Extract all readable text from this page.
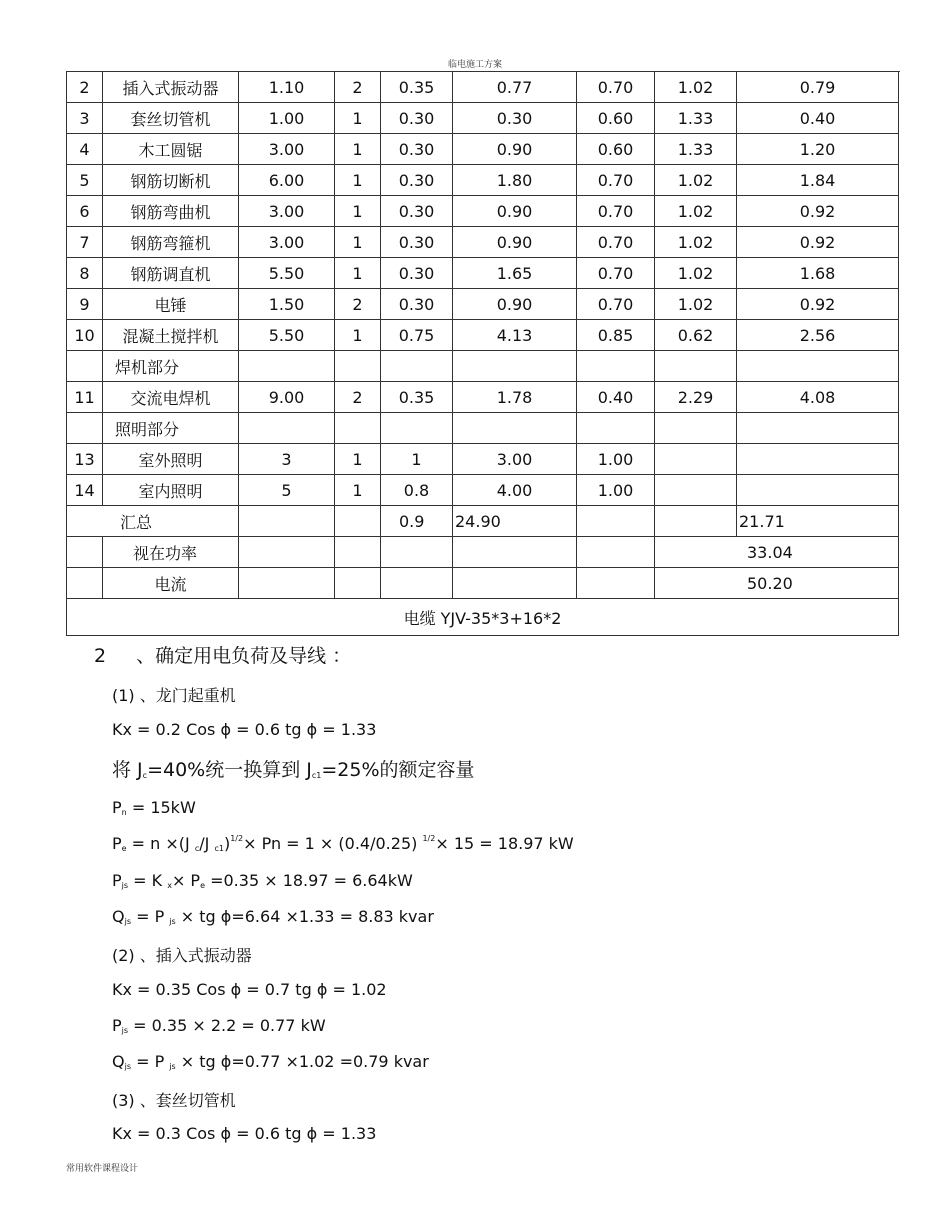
临电施工方案
2	插入式振动器	1.10	2	0.35	0.77	0.70	1.02	0.79
3	套丝切管机	1.00	1	0.30	0.30	0.60	1.33	0.40
4	木工圆锯	3.00	1	0.30	0.90	0.60	1.33	1.20
5	钢筋切断机	6.00	1	0.30	1.80	0.70	1.02	1.84
6	钢筋弯曲机	3.00	1	0.30	0.90	0.70	1.02	0.92
7	钢筋弯箍机	3.00	1	0.30	0.90	0.70	1.02	0.92
8	钢筋调直机	5.50	1	0.30	1.65	0.70	1.02	1.68
9	电锤	1.50	2	0.30	0.90	0.70	1.02	0.92
10	混凝土搅拌机	5.50	1	0.75	4.13	0.85	0.62	2.56
	焊机部分							
11	交流电焊机	9.00	2	0.35	1.78	0.40	2.29	4.08
	照明部分							
13	室外照明	3	1	1	3.00	1.00		
14	室内照明	5	1	0.8	4.00	1.00		
汇总				0.9	24.90			21.71
	视在功率						33.04	
	电流						50.20	
电缆 YJV-35*3+16*2								
2 、确定用电负荷及导线 ：
(1) 、龙门起重机
Kx = 0.2 Cos ϕ = 0.6 tg ϕ = 1.33
将 $J_c=40\%$统一换算到 $J_{c1}=25\%$的额定容量
$P_n = 15kW$
$P_e = n \times(J$ $_c$/J $_{c1}$)$^{1/2}$× Pn = 1 × (0.4/0.25) $^{1/2}$× 15 = 18.97 kW
$P_{js} = K$ $_x\times P_e =0.35 \times 18.97 = 6.64kW$
$Q_{js} = P$ $_{js}$ × tg ϕ=6.64 ×1.33 = 8.83 kvar
(2) 、插入式振动器
Kx = 0.35 Cos ϕ = 0.7 tg ϕ = 1.02
$P_{js} = 0.35 \times 2.2 = 0.77$ kW
$Q_{js} = P$ $_{js}$ × tg ϕ=0.77 ×1.02 =0.79 kvar
(3) 、套丝切管机
Kx = 0.3 Cos ϕ = 0.6 tg ϕ = 1.33
常用软件课程设计
